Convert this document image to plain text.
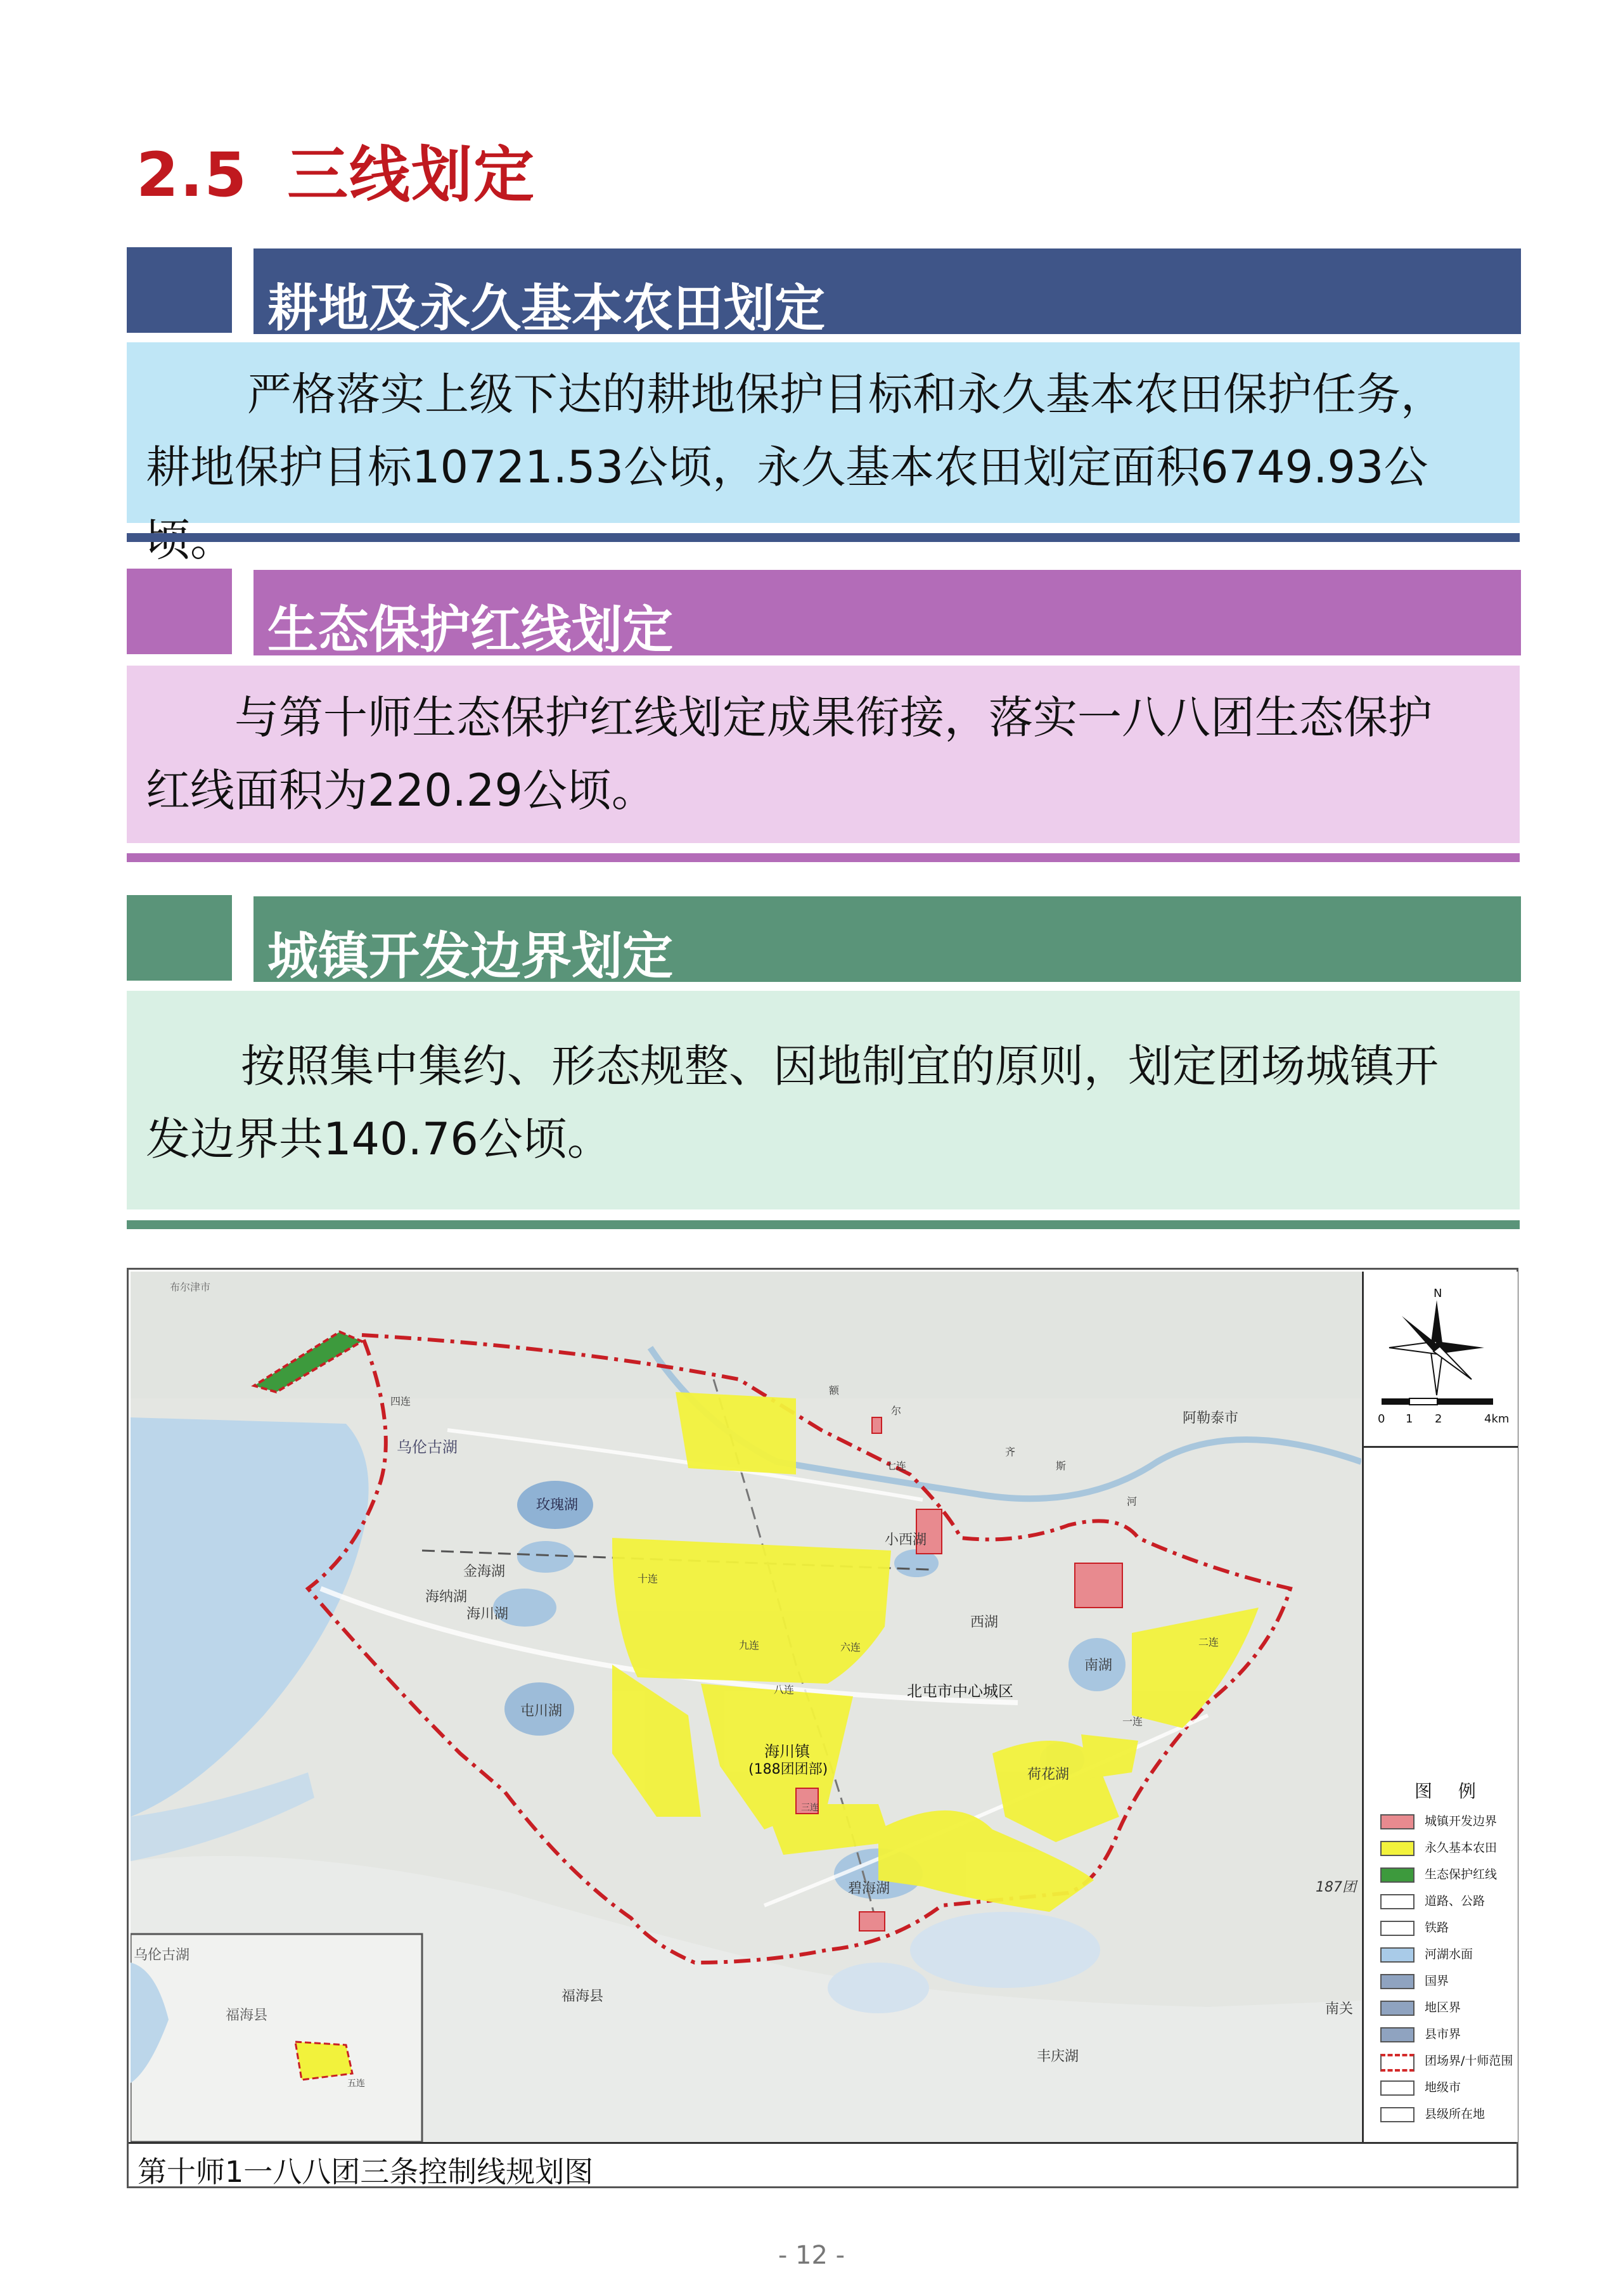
2.5 三线划定
耕地及永久基本农田划定
严格落实上级下达的耕地保护目标和永久基本农田保护任务，
耕地保护目标10721.53公顷，永久基本农田划定面积6749.93公
生态保护红线划定
与第十师生态保护红线划定成果衔接，落实一八八团生态保护
红线面积为220.29公顷。
城镇开发边界划定
按照集中集约、形态规整、因地制宜的原则，划定团场城镇开
发边界共140.76公顷。
乌伦古湖
福海县
五连
布尔津市
四连
乌伦古湖
玫瑰湖
金海湖
海纳湖
海川湖
屯川湖
阿勒泰市
七连
小西湖
西湖
南湖
二连
一连
十连
九连	六连
八连	北屯市中心城区
海川镇
(188团团部)	荷花湖
三连
碧海湖	187团
福海县
丰庆湖
南关
额
尔
齐
斯
河
N
0 1 2	4km
图 例
城镇开发边界
永久基本农田
生态保护红线
道路、公路
铁路
河湖水面
国界
地区界
县市界
团场界/十师范围
地级市
县级所在地
第十师1一八八团三条控制线规划图
- 12 -
